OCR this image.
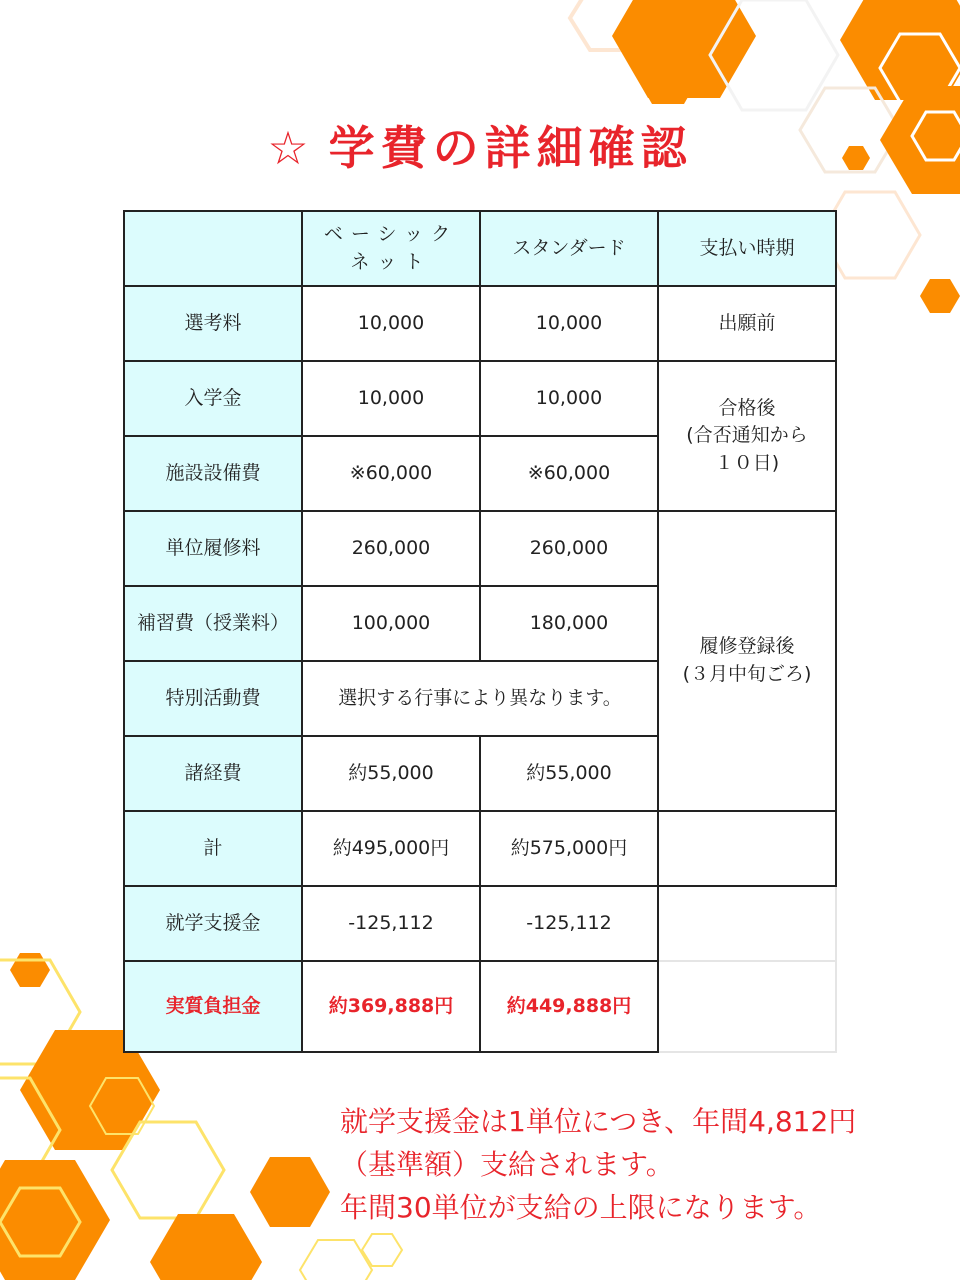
☆ 学費の詳細確認
	ベーシックネット	スタンダード	支払い時期
選考料	10,000	10,000	出願前
入学金	10,000	10,000	合格後
(合否通知から
１０日)

施設設備費	※60,000	※60,000	
単位履修料	260,000	260,000	履修登録後
(３月中旬ごろ)

補習費（授業料）	100,000	180,000	
特別活動費	選択する行事により異なります。		
諸経費	約55,000	約55,000	
計	約495,000円	約575,000円	
就学支援金	-125,112	-125,112	
実質負担金	約369,888円	約449,888円	
就学支援金は1単位につき、年間4,812円
（基準額）支給されます。
年間30単位が支給の上限になります。
